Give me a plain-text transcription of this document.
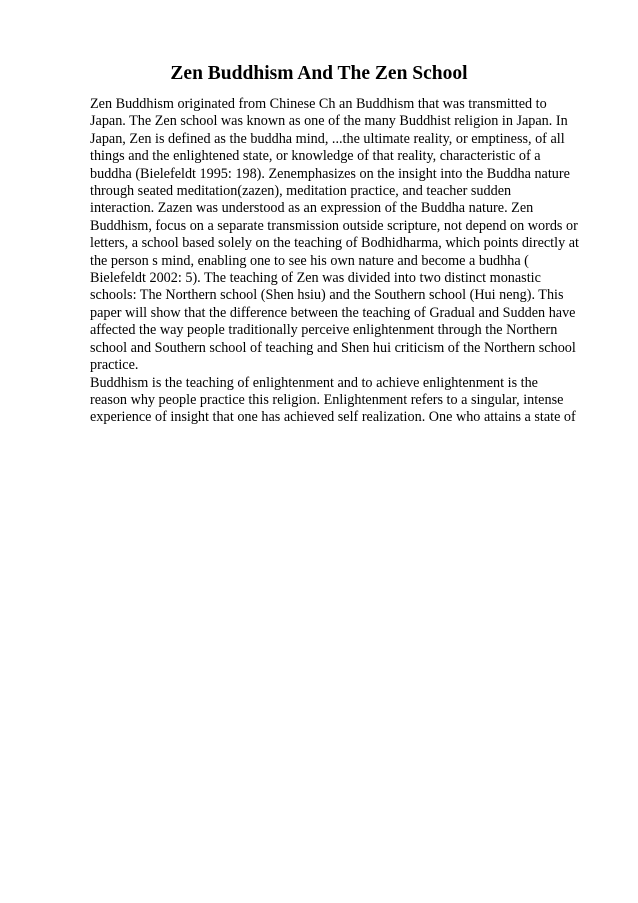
Zen Buddhism And The Zen School
Zen Buddhism originated from Chinese Ch an Buddhism that was transmitted to
Japan. The Zen school was known as one of the many Buddhist religion in Japan. In
Japan, Zen is defined as the buddha mind, ...the ultimate reality, or emptiness, of all
things and the enlightened state, or knowledge of that reality, characteristic of a
buddha (Bielefeldt 1995: 198). Zenemphasizes on the insight into the Buddha nature
through seated meditation(zazen), meditation practice, and teacher sudden
interaction. Zazen was understood as an expression of the Buddha nature. Zen
Buddhism, focus on a separate transmission outside scripture, not depend on words or
letters, a school based solely on the teaching of Bodhidharma, which points directly at
the person s mind, enabling one to see his own nature and become a budhha (
Bielefeldt 2002: 5). The teaching of Zen was divided into two distinct monastic
schools: The Northern school (Shen hsiu) and the Southern school (Hui neng). This
paper will show that the difference between the teaching of Gradual and Sudden have
affected the way people traditionally perceive enlightenment through the Northern
school and Southern school of teaching and Shen hui criticism of the Northern school
practice.
Buddhism is the teaching of enlightenment and to achieve enlightenment is the
reason why people practice this religion. Enlightenment refers to a singular, intense
experience of insight that one has achieved self realization. One who attains a state of
